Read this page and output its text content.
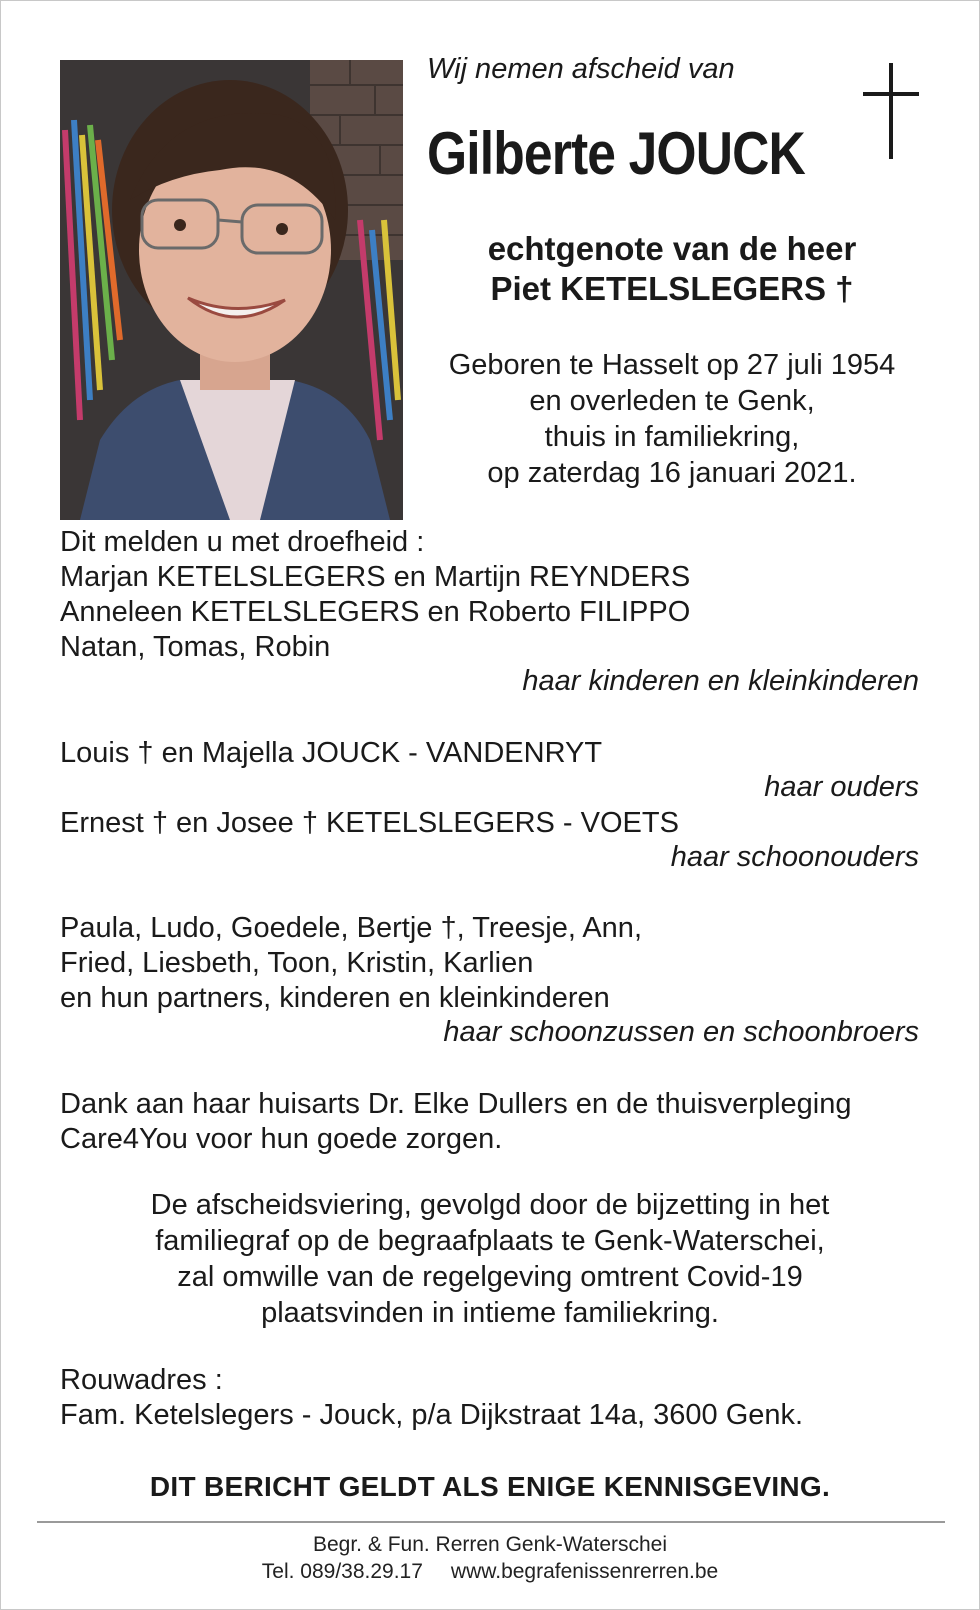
Wij nemen afscheid van
Gilberte JOUCK
echtgenote van de heer
Piet KETELSLEGERS †
Geboren te Hasselt op 27 juli 1954
en overleden te Genk,
thuis in familiekring,
op zaterdag 16 januari 2021.
Dit melden u met droefheid :
Marjan KETELSLEGERS en Martijn REYNDERS
Anneleen KETELSLEGERS en Roberto FILIPPO
Natan, Tomas, Robin
haar kinderen en kleinkinderen
Louis † en Majella JOUCK - VANDENRYT
haar ouders
Ernest † en Josee † KETELSLEGERS - VOETS
haar schoonouders
Paula, Ludo, Goedele, Bertje †, Treesje, Ann,
Fried, Liesbeth, Toon, Kristin, Karlien
en hun partners, kinderen en kleinkinderen
haar schoonzussen en schoonbroers
Dank aan haar huisarts Dr. Elke Dullers en de thuisverpleging
Care4You voor hun goede zorgen.
De afscheidsviering, gevolgd door de bijzetting in het
familiegraf op de begraafplaats te Genk-Waterschei,
zal omwille van de regelgeving omtrent Covid-19
plaatsvinden in intieme familiekring.
Rouwadres :
Fam. Ketelslegers - Jouck, p/a Dijkstraat 14a, 3600 Genk.
DIT BERICHT GELDT ALS ENIGE KENNISGEVING.
Begr. & Fun. Rerren Genk-Waterschei
Tel. 089/38.29.17 www.begrafenissenrerren.be
